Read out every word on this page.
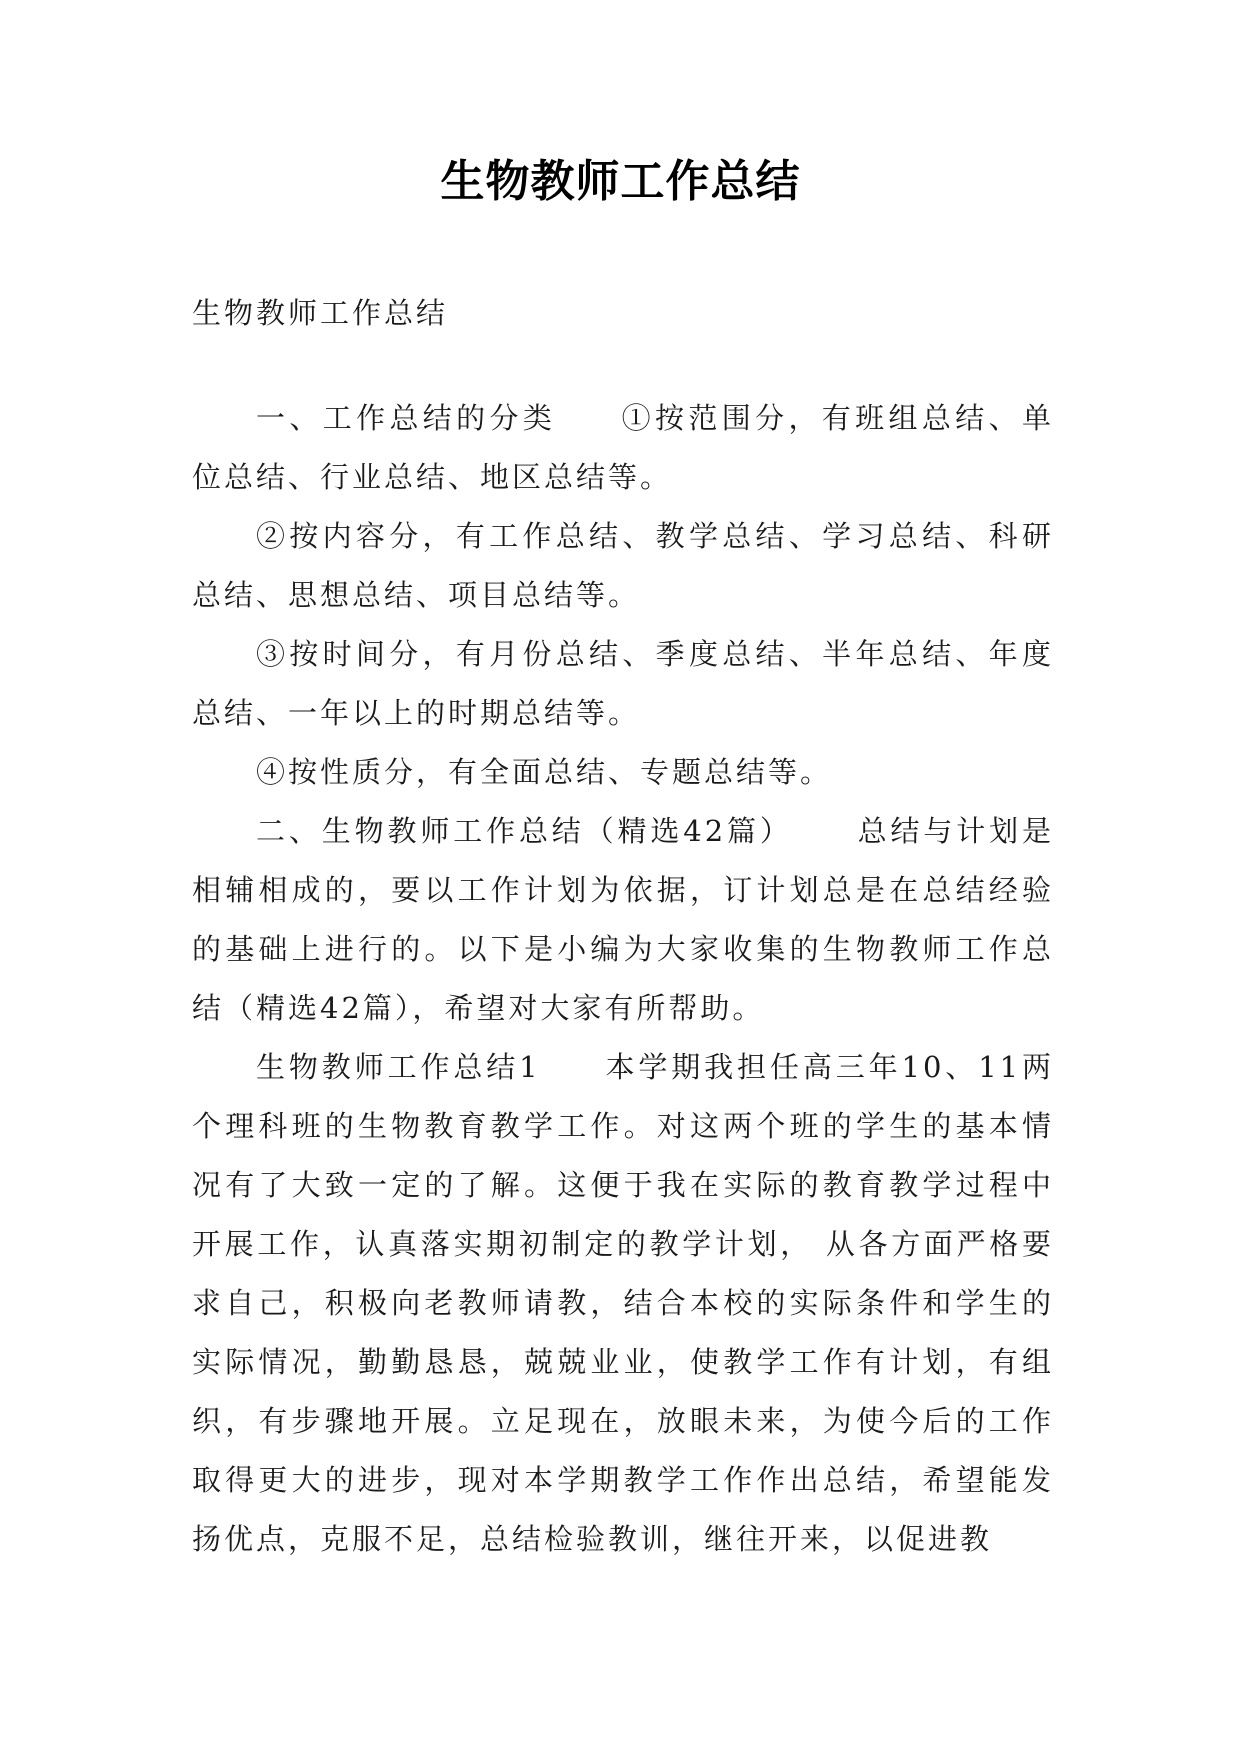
生物教师工作总结

生物教师工作总结

一、工作总结的分类 ①按范围分，有班组总结、单位总结、行业总结、地区总结等。

②按内容分，有工作总结、教学总结、学习总结、科研总结、思想总结、项目总结等。

③按时间分，有月份总结、季度总结、半年总结、年度总结、一年以上的时期总结等。

④按性质分，有全面总结、专题总结等。

二、生物教师工作总结（精选42篇） 总结与计划是相辅相成的，要以工作计划为依据，订计划总是在总结经验的基础上进行的。以下是小编为大家收集的生物教师工作总结（精选42篇），希望对大家有所帮助。

生物教师工作总结1 本学期我担任高三年10、11两个理科班的生物教育教学工作。对这两个班的学生的基本情况有了大致一定的了解。这便于我在实际的教育教学过程中开展工作，认真落实期初制定的教学计划， 从各方面严格要求自己，积极向老教师请教，结合本校的实际条件和学生的实际情况，勤勤恳恳，兢兢业业，使教学工作有计划，有组织，有步骤地开展。立足现在，放眼未来，为使今后的工作取得更大的进步，现对本学期教学工作作出总结，希望能发扬优点，克服不足，总结检验教训，继往开来，以促进教
